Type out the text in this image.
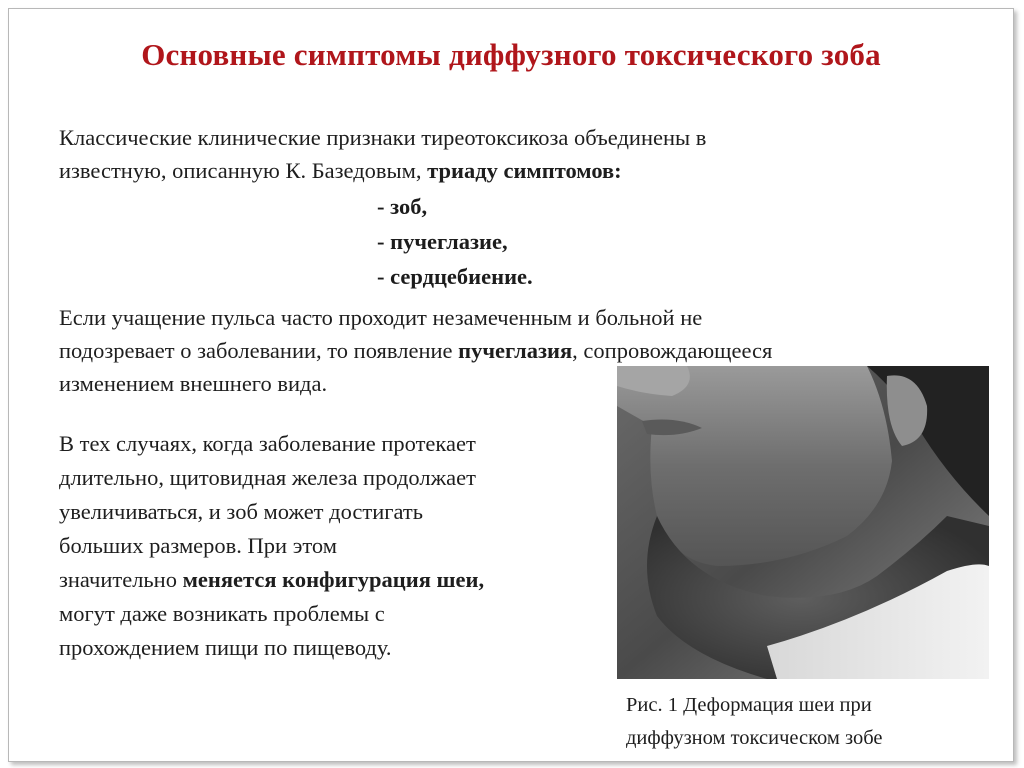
Основные симптомы диффузного токсического зоба

Классические клинические признаки тиреотоксикоза объединены в
известную, описанную К. Базедовым, триаду симптомов:

- зоб,
- пучеглазие,
- сердцебиение.

Если учащение пульса часто проходит незамеченным и больной не
подозревает о заболевании, то появление пучеглазия, сопровождающееся
изменением внешнего вида.

В тех случаях, когда заболевание протекает
длительно, щитовидная железа продолжает
увеличиваться, и зоб может достигать
больших размеров. При этом
значительно меняется конфигурация шеи,
могут даже возникать проблемы с
прохождением пищи по пищеводу.

Рис. 1 Деформация шеи при
диффузном токсическом зобе
